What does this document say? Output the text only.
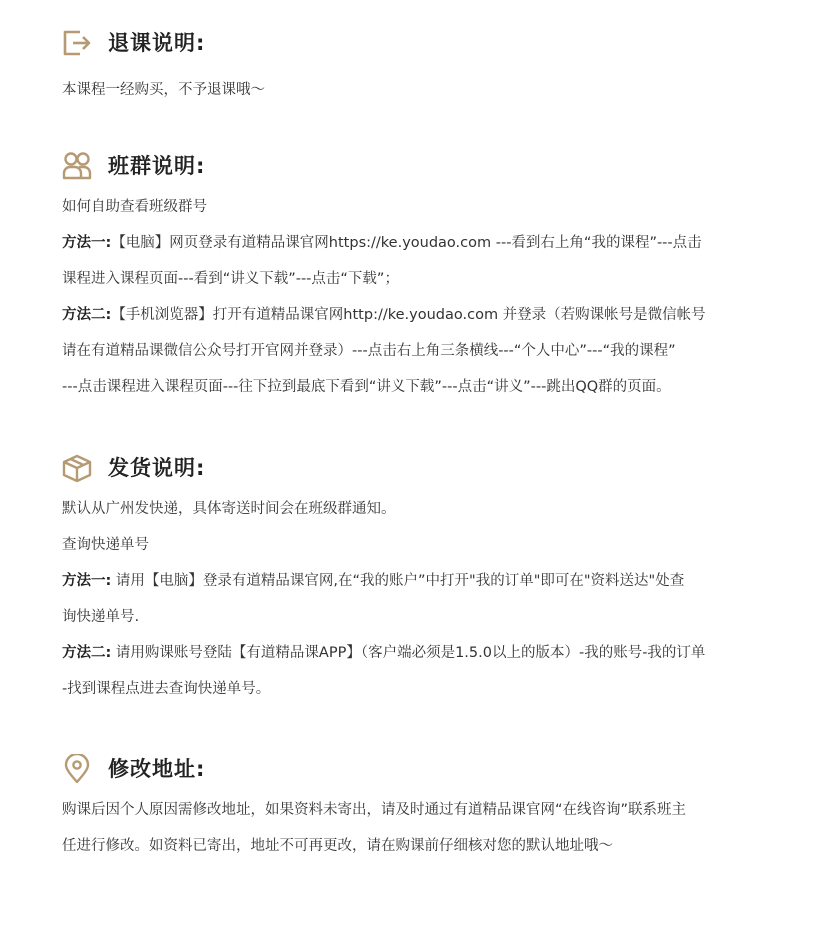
退课说明:
本课程一经购买，不予退课哦～
班群说明:
如何自助查看班级群号
方法一:【电脑】网页登录有道精品课官网https://ke.youdao.com ---看到右上角“我的课程”---点击
课程进入课程页面---看到“讲义下载”---点击“下载”；
方法二:【手机浏览器】打开有道精品课官网http://ke.youdao.com 并登录（若购课帐号是微信帐号
请在有道精品课微信公众号打开官网并登录）---点击右上角三条横线---“个人中心”---“我的课程”
---点击课程进入课程页面---往下拉到最底下看到“讲义下载”---点击“讲义”---跳出QQ群的页面。
发货说明:
默认从广州发快递，具体寄送时间会在班级群通知。
查询快递单号
方法一: 请用【电脑】登录有道精品课官网,在“我的账户”中打开"我的订单"即可在"资料送达"处查
询快递单号.
方法二: 请用购课账号登陆【有道精品课APP】（客户端必须是1.5.0以上的版本）-我的账号-我的订单
-找到课程点进去查询快递单号。
修改地址:
购课后因个人原因需修改地址，如果资料未寄出，请及时通过有道精品课官网“在线咨询”联系班主
任进行修改。如资料已寄出，地址不可再更改，请在购课前仔细核对您的默认地址哦～
